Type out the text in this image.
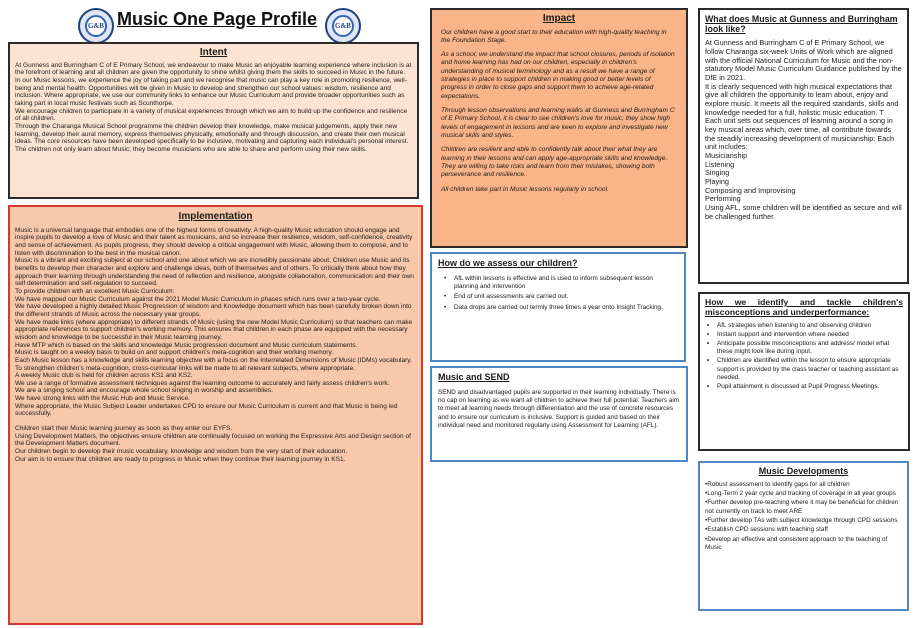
G&B Music One Page Profile	G&B
Intent

At Gunness and Burringham C of E Primary School, we endeavour to make Music an enjoyable learning experience where inclusion is at the forefront of learning and all children are given the opportunity to shine whilst giving them the skills to succeed in Music in the future.

In our Music lessons, we experience the joy of taking part and we recognise that music can play a key role in promoting resilience, well-being and mental health. Opportunities will be given in Music to develop and strengthen our school values: wisdom, resilience and inclusion. Where appropriate, we use our community links to enhance our Music Curriculum and provide broader opportunities such as taking part in local music festivals such as Scunthorpe.

We encourage children to participate in a variety of musical experiences through which we aim to build up the confidence and resilience of all children.

Through the Charanga Musical School programme the children develop their knowledge, make musical judgements, apply their new learning, develop their aural memory, express themselves physically, emotionally and through discussion, and create their own musical ideas. The core resources have been developed specifically to be inclusive, motivating and capturing each individual's personal interest. The children not only learn about Music; they become musicians who are able to share and perform using their new skills.

Implementation

Music is a universal language that embodies one of the highest forms of creativity. A high-quality Music education should engage and inspire pupils to develop a love of Music and their talent as musicians, and so increase their resilience, wisdom, self-confidence, creativity and sense of achievement. As pupils progress, they should develop a critical engagement with Music, allowing them to compose, and to listen with discrimination to the best in the musical canon.

Music is a vibrant and exciting subject at our school and one about which we are incredibly passionate about. Children use Music and its benefits to develop their character and explore and challenge ideas, both of themselves and of others. To critically think about how they approach their learning through understanding the need of reflection and resilience, alongside collaboration, communication and their own self determination and self-regulation to succeed.

To provide children with an excellent Music Curriculum:

We have mapped our Music Curriculum against the 2021 Model Music Curriculum in phases which runs over a two-year cycle.

We have developed a highly detailed Music Progression of wisdom and Knowledge document which has been carefully broken down into the different strands of Music across the necessary year groups.

We have made links (where appropriate) to different strands of Music (using the new Model Music Curriculum) so that teachers can make appropriate references to support children's working memory. This ensures that children in each phase are equipped with the necessary wisdom and knowledge to be successful in their Music learning journey.

Have MTP which is based on the skills and knowledge Music progression document and Music curriculum statements.

Music is taught on a weekly basis to build on and support children's meta-cognition and their working memory.

Each Music lesson has a knowledge and skills learning objective with a focus on the Interrelated Dimensions of Music (IDMs) vocabulary.

To strengthen children's meta-cognition, cross-curricular links will be made to all relevant subjects, where appropriate.

A weekly Music club is held for children across KS1 and KS2.

We use a range of formative assessment techniques against the learning outcome to accurately and fairly assess children's work.

We are a singing school and encourage whole school singing in worship and assemblies.

We have strong links with the Music Hub and Music Service.

Where appropriate, the Music Subject Leader undertakes CPD to ensure our Music Curriculum is current and that Music is being led successfully.

Children start their Music learning journey as soon as they enter our EYFS.

Using Development Matters, the objectives ensure children are continually focused on working the Expressive Arts and Design section of the Development Matters document.

Our children begin to develop their music vocabulary, knowledge and wisdom from the very start of their education.

Our aim is to ensure that children are ready to progress in Music when they continue their learning journey in KS1.

Impact

Our children have a good start to their education with high-quality teaching in the Foundation Stage.

As a school, we understand the impact that school closures, periods of isolation and home learning has had on our children, especially in children's understanding of musical terminology and as a result we have a range of strategies in place to support children in making good or better levels of progress in order to close gaps and support them to achieve age-related expectations.

Through lesson observations and learning walks at Gunness and Burringham C of E Primary School, it is clear to see children's love for music; they show high levels of engagement in lessons and are keen to explore and investigate new musical skills and styles.

Children are resilient and able to confidently talk about their what they are learning in their lessons and can apply age-appropriate skills and knowledge. They are willing to take risks and learn from their mistakes, showing both perseverance and resilience.

All children take part in Music lessons regularly in school.

How do we assess our children?
• AfL within lessons is effective and is used to inform subsequent lesson planning and intervention
• End of unit assessments are carried out.
• Data drops are carried out termly three times a year onto Insight Tracking.
Music and SEND

SEND and disadvantaged pupils are supported in their learning individually. There is no cap on learning as we want all children to achieve their full potential. Teachers aim to meet all learning needs through differentiation and the use of concrete resources and to ensure our curriculum is inclusive. Support is guided and based on their individual need and monitored regularly using Assessment for Learning (AFL).

What does Music at Gunness and Burringham look like?

At Gunness and Burringham C of E Primary School, we follow Charanga six-week Units of Work which are aligned with the official National Curriculum for Music and the non-statutory Model Music Curriculum Guidance published by the DfE in 2021.

It is clearly sequenced with high musical expectations that give all children the opportunity to learn about, enjoy and explore music. It meets all the required standards, skills and knowledge needed for a full, holistic music education. T

Each unit sets out sequences of learning around a song in key musical areas which, over time, all contribute towards the steadily increasing development of musicianship: Each unit includes:

Musicianship

Listening

Singing

Playing

Composing and Improvising

Performing

Using AFL, some children will be identified as secure and will be challenged further.

How we identify and tackle children's misconceptions and underperformance:
• AfL strategies when listening to and observing children
• Instant support and intervention where needed
• Anticipate possible misconceptions and address/ model what these might look like during input.
• Children are identified within the lesson to ensure appropriate support is provided by the class teacher or teaching assistant as needed.
• Pupil attainment is discussed at Pupil Progress Meetings.
Music Developments

•Robust assessment to identify gaps for all children

•Long-Term 2 year cycle and tracking of coverage in all year groups

•Further develop pre-teaching where it may be beneficial for children not currently on track to meet ARE

•Further develop TAs with subject knowledge through CPD sessions

•Establish CPD sessions with teaching staff

•Develop an effective and consistent approach to the teaching of Music
